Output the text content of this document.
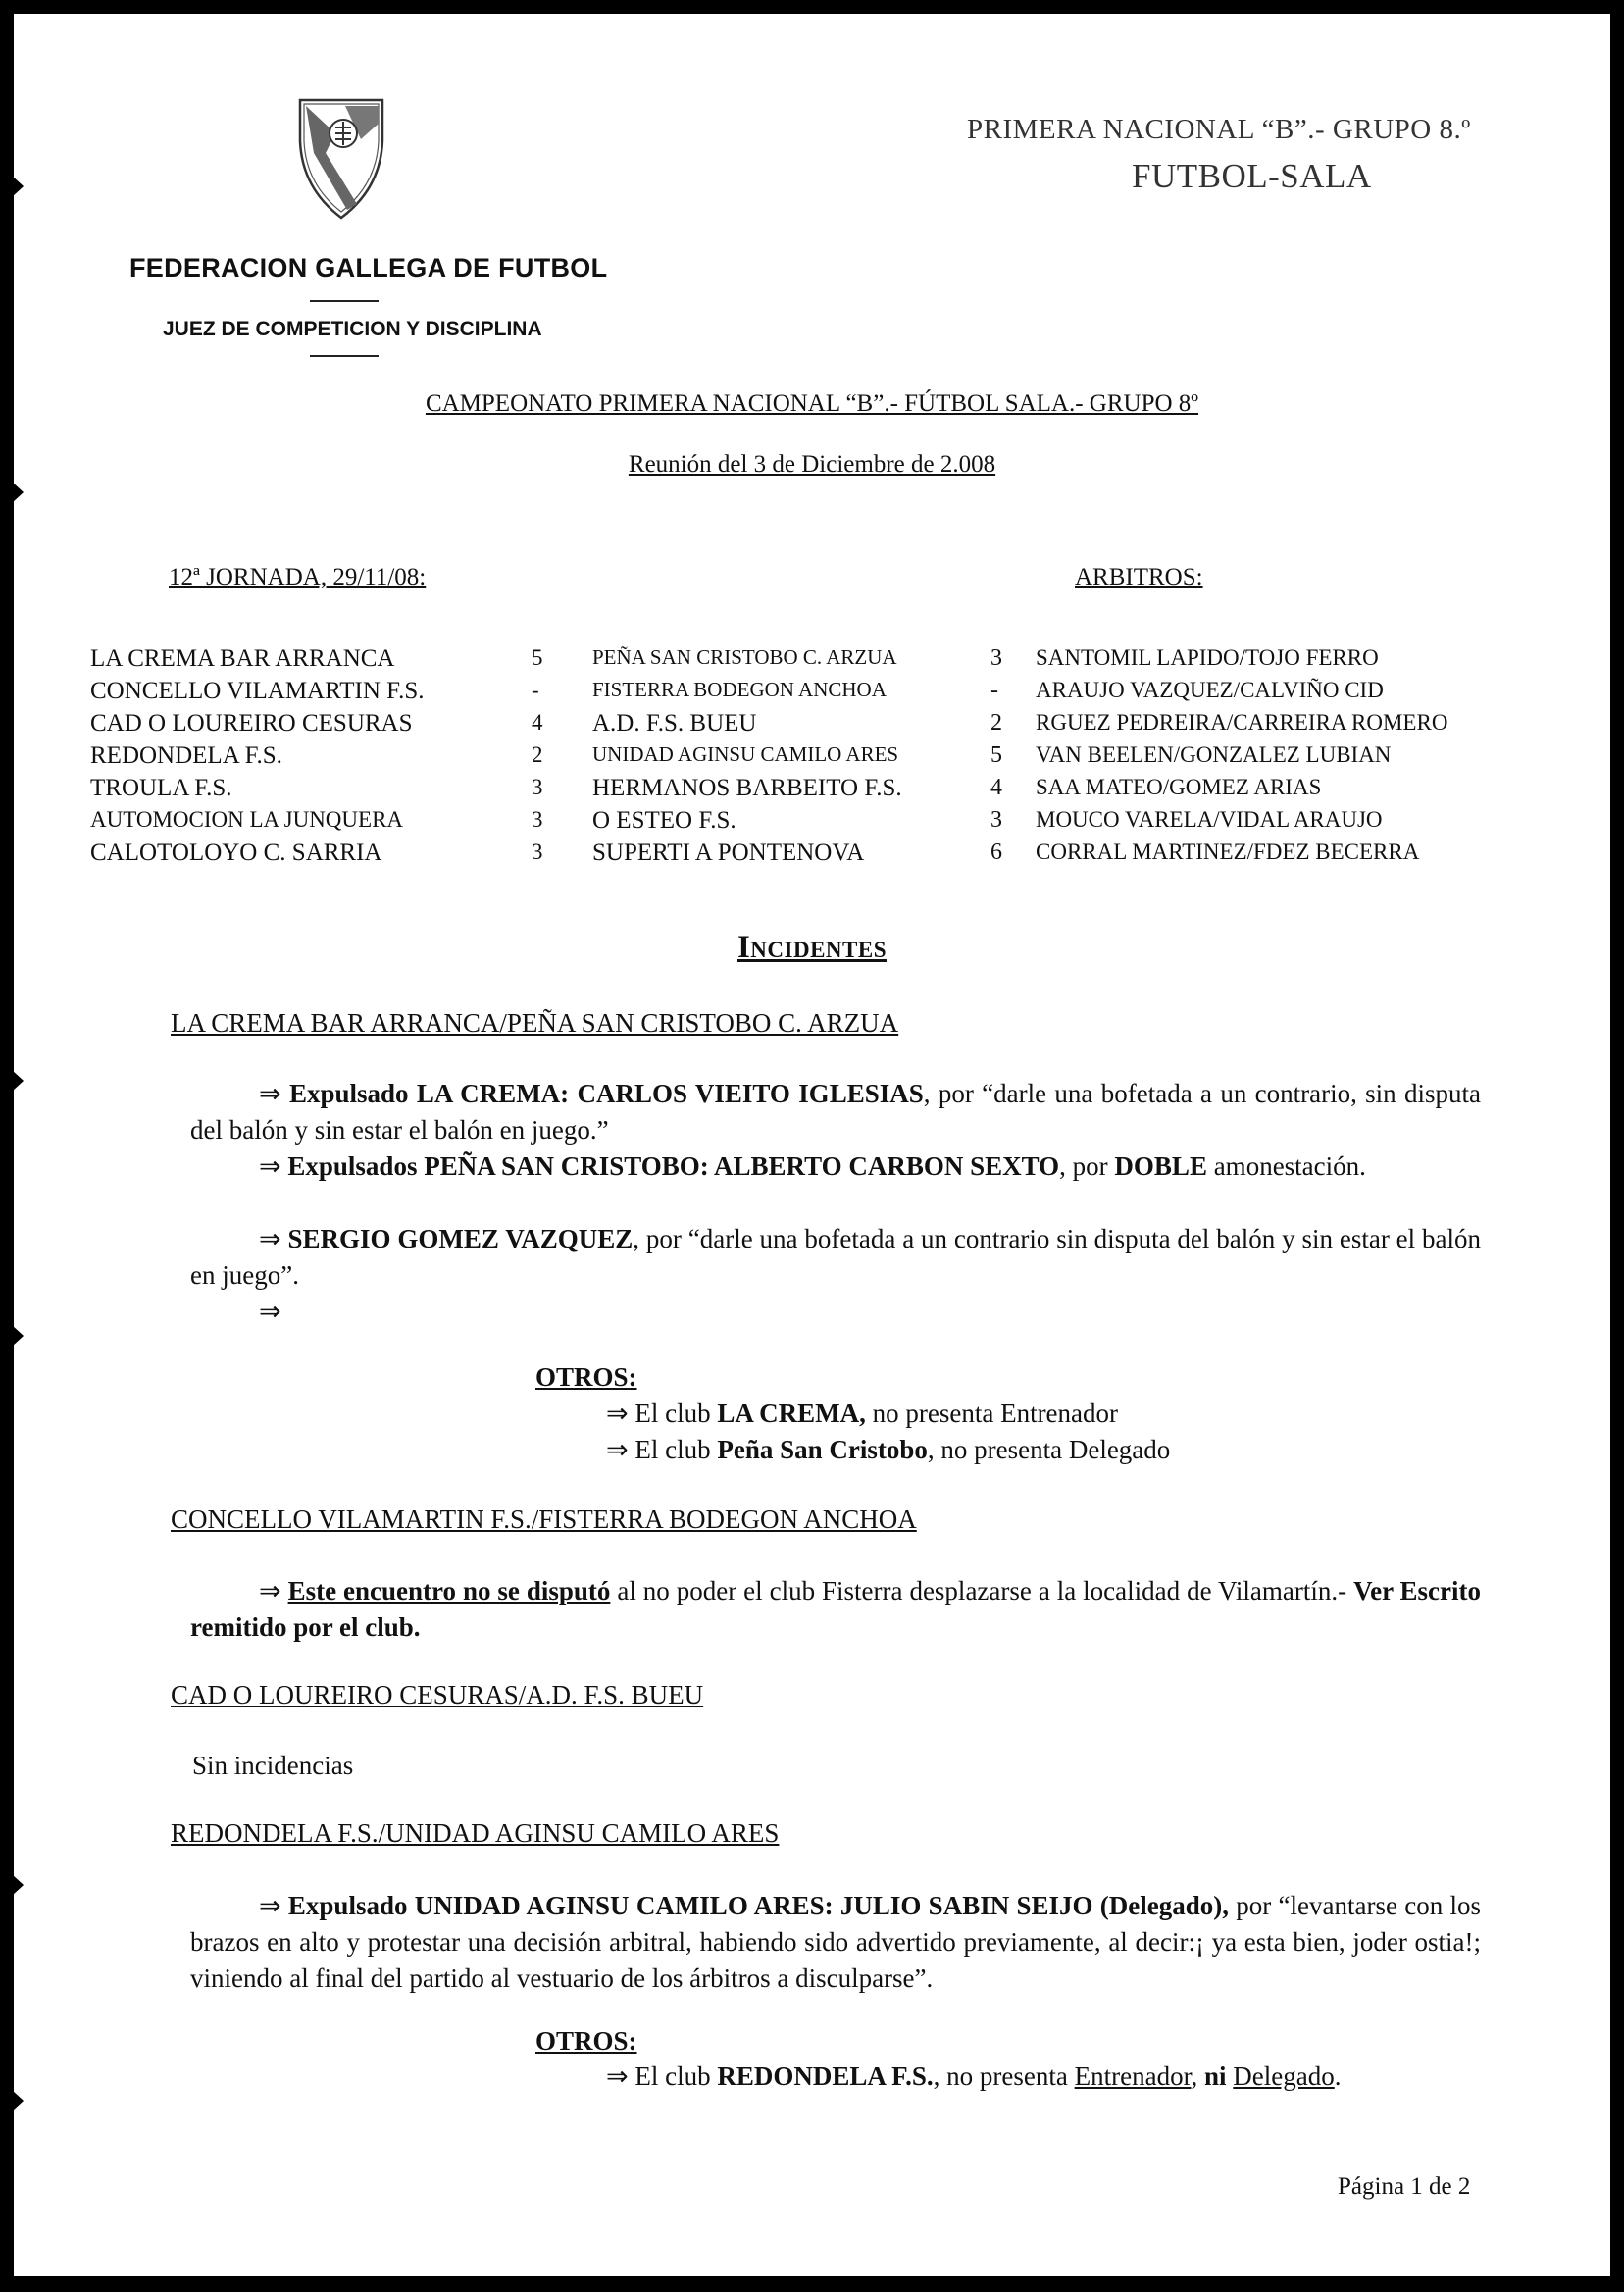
FEDERACION GALLEGA DE FUTBOL
JUEZ DE COMPETICION Y DISCIPLINA
PRIMERA NACIONAL “B”.- GRUPO 8.º
FUTBOL-SALA
CAMPEONATO PRIMERA NACIONAL “B”.- FÚTBOL SALA.- GRUPO 8º
Reunión del 3 de Diciembre de 2.008
12ª JORNADA, 29/11/08:	ARBITROS:
LA CREMA BAR ARRANCA	5 PEÑA SAN CRISTOBO C. ARZUA	3 SANTOMIL LAPIDO/TOJO FERRO
CONCELLO VILAMARTIN F.S.	-	FISTERRA BODEGON ANCHOA	- ARAUJO VAZQUEZ/CALVIÑO CID
CAD O LOUREIRO CESURAS	4 A.D. F.S. BUEU	2 RGUEZ PEDREIRA/CARREIRA ROMERO
REDONDELA F.S.	2 UNIDAD AGINSU CAMILO ARES	5 VAN BEELEN/GONZALEZ LUBIAN
TROULA F.S.	3 HERMANOS BARBEITO F.S.	4 SAA MATEO/GOMEZ ARIAS
AUTOMOCION LA JUNQUERA	3 O ESTEO F.S.	3 MOUCO VARELA/VIDAL ARAUJO
CALOTOLOYO C. SARRIA	3 SUPERTI A PONTENOVA	6 CORRAL MARTINEZ/FDEZ BECERRA
Incidentes
LA CREMA BAR ARRANCA/PEÑA SAN CRISTOBO C. ARZUA
⇒ Expulsado LA CREMA: CARLOS VIEITO IGLESIAS, por “darle una bofetada a un contrario, sin disputa del balón y sin estar el balón en juego.”
⇒ Expulsados PEÑA SAN CRISTOBO: ALBERTO CARBON SEXTO, por DOBLE amonestación.
⇒ SERGIO GOMEZ VAZQUEZ, por “darle una bofetada a un contrario sin disputa del balón y sin estar el balón en juego”.
⇒
OTROS:
⇒ El club LA CREMA, no presenta Entrenador
⇒ El club Peña San Cristobo, no presenta Delegado
CONCELLO VILAMARTIN F.S./FISTERRA BODEGON ANCHOA
⇒ Este encuentro no se disputó al no poder el club Fisterra desplazarse a la localidad de Vilamartín.- Ver Escrito remitido por el club.
CAD O LOUREIRO CESURAS/A.D. F.S. BUEU
Sin incidencias
REDONDELA F.S./UNIDAD AGINSU CAMILO ARES
⇒ Expulsado UNIDAD AGINSU CAMILO ARES: JULIO SABIN SEIJO (Delegado), por “levantarse con los brazos en alto y protestar una decisión arbitral, habiendo sido advertido previamente, al decir:¡ ya esta bien, joder ostia!; viniendo al final del partido al vestuario de los árbitros a disculparse”.
OTROS:
⇒ El club REDONDELA F.S., no presenta Entrenador, ni Delegado.
Página 1 de 2
